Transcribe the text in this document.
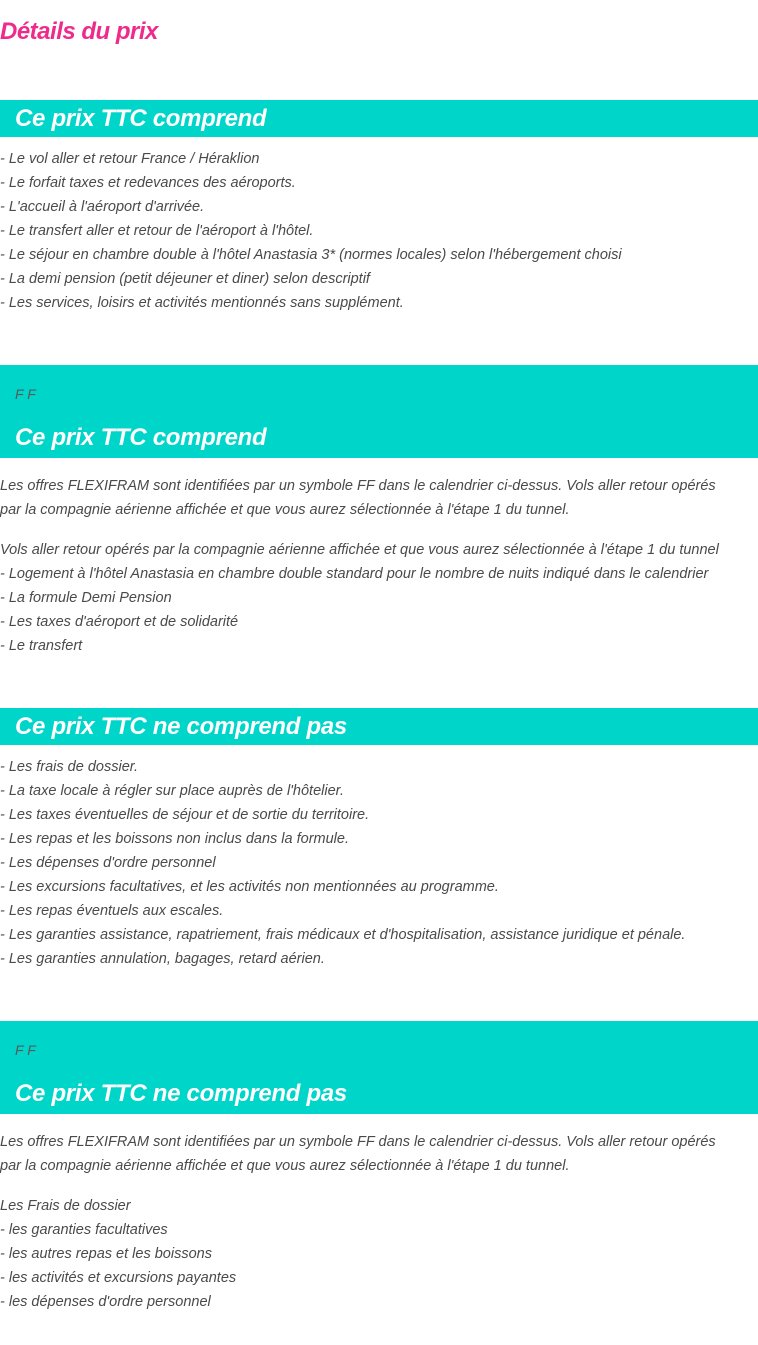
Détails du prix
Ce prix TTC comprend
- Le vol aller et retour France / Héraklion
- Le forfait taxes et redevances des aéroports.
- L'accueil à l'aéroport d'arrivée.
- Le transfert aller et retour de l'aéroport à l'hôtel.
- Le séjour en chambre double à l'hôtel Anastasia 3* (normes locales) selon l'hébergement choisi
- La demi pension (petit déjeuner et diner) selon descriptif
- Les services, loisirs et activités mentionnés sans supplément.
F F
Ce prix TTC comprend

Les offres FLEXIFRAM sont identifiées par un symbole FF dans le calendrier ci-dessus. Vols aller retour opérés par la compagnie aérienne affichée et que vous aurez sélectionnée à l'étape 1 du tunnel.

Vols aller retour opérés par la compagnie aérienne affichée et que vous aurez sélectionnée à l'étape 1 du tunnel
- Logement à l'hôtel Anastasia en chambre double standard pour le nombre de nuits indiqué dans le calendrier
- La formule Demi Pension
- Les taxes d'aéroport et de solidarité
- Le transfert
Ce prix TTC ne comprend pas
- Les frais de dossier.
- La taxe locale à régler sur place auprès de l'hôtelier.
- Les taxes éventuelles de séjour et de sortie du territoire.
- Les repas et les boissons non inclus dans la formule.
- Les dépenses d'ordre personnel
- Les excursions facultatives, et les activités non mentionnées au programme.
- Les repas éventuels aux escales.
- Les garanties assistance, rapatriement, frais médicaux et d'hospitalisation, assistance juridique et pénale.
- Les garanties annulation, bagages, retard aérien.
F F
Ce prix TTC ne comprend pas

Les offres FLEXIFRAM sont identifiées par un symbole FF dans le calendrier ci-dessus. Vols aller retour opérés par la compagnie aérienne affichée et que vous aurez sélectionnée à l'étape 1 du tunnel.

Les Frais de dossier
- les garanties facultatives
- les autres repas et les boissons
- les activités et excursions payantes
- les dépenses d'ordre personnel
